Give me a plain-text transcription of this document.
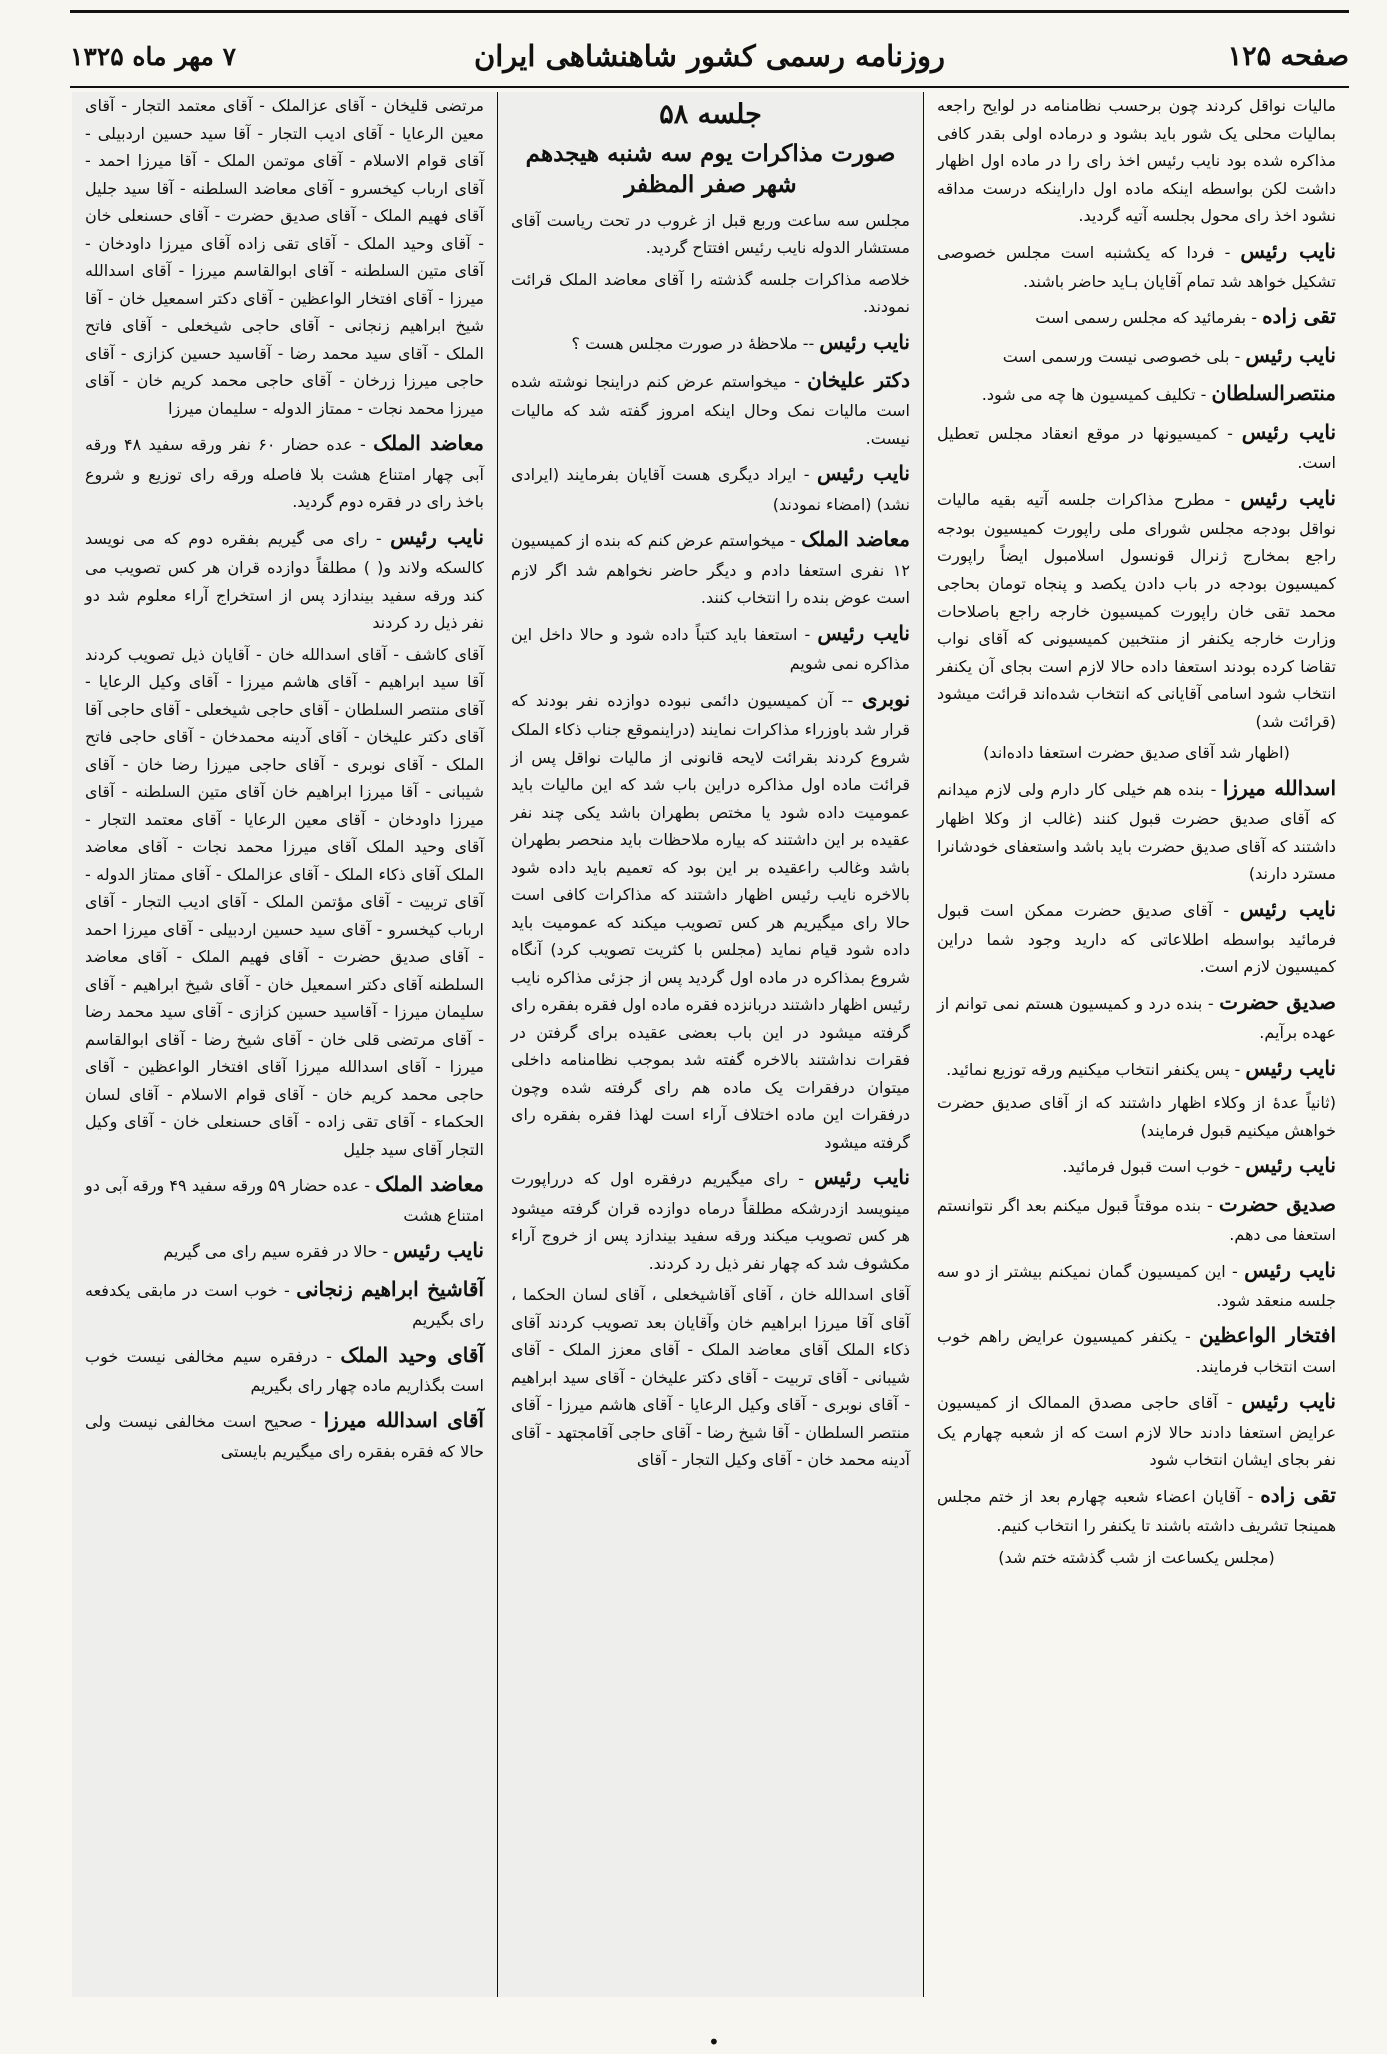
صفحه ۱۲۵
روزنامه رسمی کشور شاهنشاهی ایران
۷ مهر ماه ۱۳۲۵

مالیات نواقل کردند چون برحسب نظامنامه در لوایح راجعه بمالیات محلی یک شور باید بشود و درماده اولی بقدر کافی مذاکره شده بود نایب رئیس اخذ رای را در ماده اول اظهار داشت لکن بواسطه اینکه ماده اول داراینکه درست مداقه نشود اخذ رای محول بجلسه آتیه گردید.

نایب رئیس - فردا که یکشنبه است مجلس خصوصی تشکیل خواهد شد تمام آقایان بـاید حاضر باشند.

تقی زاده - بفرمائید که مجلس رسمی است

نایب رئیس - بلی خصوصی نیست ورسمی است

منتصرالسلطان - تکلیف کمیسیون ها چه می شود.

نایب رئیس - کمیسیونها در موقع انعقاد مجلس تعطیل است.

نایب رئیس - مطرح مذاکرات جلسه آتیه بقیه مالیات نواقل بودجه مجلس شورای ملی راپورت کمیسیون بودجه راجع بمخارج ژنرال قونسول اسلامبول ایضاً راپورت کمیسیون بودجه در باب دادن یکصد و پنجاه تومان بحاجی محمد تقی خان راپورت کمیسیون خارجه راجع باصلاحات وزارت خارجه یکنفر از منتخبین کمیسیونی که آقای نواب تقاضا کرده بودند استعفا داده حالا لازم است بجای آن یکنفر انتخاب شود اسامی آقایانی که انتخاب شده‌اند قرائت میشود (قرائت شد)

(اظهار شد آقای صدیق حضرت استعفا داده‌اند)

اسدالله میرزا - بنده هم خیلی کار دارم ولی لازم میدانم که آقای صدیق حضرت قبول کنند (غالب از وکلا اظهار داشتند که آقای صدیق حضرت باید باشد واستعفای خودشانرا مسترد دارند)

نایب رئیس - آقای صدیق حضرت ممکن است قبول فرمائید بواسطه اطلاعاتی که دارید وجود شما دراین کمیسیون لازم است.

صدیق حضرت - بنده درد و کمیسیون هستم نمی توانم از عهده برآیم.

نایب رئیس - پس یکنفر انتخاب میکنیم ورقه توزیع نمائید.

(ثانیاً عدهٔ از وکلاء اظهار داشتند که از آقای صدیق حضرت خواهش میکنیم قبول فرمایند)

نایب رئیس - خوب است قبول فرمائید.

صدیق حضرت - بنده موقتاً قبول میکنم بعد اگر نتوانستم استعفا می دهم.

نایب رئیس - این کمیسیون گمان نمیکنم بیشتر از دو سه جلسه منعقد شود.

افتخار الواعظین - یکنفر کمیسیون عرایض راهم خوب است انتخاب فرمایند.

نایب رئیس - آقای حاجی مصدق الممالک از کمیسیون عرایض استعفا دادند حالا لازم است که از شعبه چهارم یک نفر بجای ایشان انتخاب شود

تقی زاده - آقایان اعضاء شعبه چهارم بعد از ختم مجلس همینجا تشریف داشته باشند تا یکنفر را انتخاب کنیم.

(مجلس یکساعت از شب گذشته ختم شد)

جلسه ۵۸
صورت مذاکرات یوم سه شنبه هیجدهم شهر صفر المظفر

مجلس سه ساعت وربع قبل از غروب در تحت ریاست آقای مستشار الدوله نایب رئیس افتتاح گردید.

خلاصه مذاکرات جلسه گذشته را آقای معاضد الملک قرائت نمودند.

نایب رئیس -- ملاحظهٔ در صورت مجلس هست ؟

دکتر علیخان - میخواستم عرض کنم دراینجا نوشته شده است مالیات نمک وحال اینکه امروز گفته شد که مالیات نیست.

نایب رئیس - ایراد دیگری هست آقایان بفرمایند (ایرادی نشد) (امضاء نمودند)

معاضد الملک - میخواستم عرض کنم که بنده از کمیسیون ۱۲ نفری استعفا دادم و دیگر حاضر نخواهم شد اگر لازم است عوض بنده را انتخاب کنند.

نایب رئیس - استعفا باید کتباً داده شود و حالا داخل این مذاکره نمی شویم

نوبری -- آن کمیسیون دائمی نبوده دوازده نفر بودند که قرار شد باوزراء مذاکرات نمایند (دراینموقع جناب ذکاء الملک شروع کردند بقرائت لایحه قانونی از مالیات نواقل پس از قرائت ماده اول مذاکره دراین باب شد که این مالیات باید عمومیت داده شود یا مختص بطهران باشد یکی چند نفر عقیده بر این داشتند که بیاره ملاحظات باید منحصر بطهران باشد وغالب راعقیده بر این بود که تعمیم باید داده شود بالاخره نایب رئیس اظهار داشتند که مذاکرات کافی است حالا رای میگیریم هر کس تصویب میکند که عمومیت باید داده شود قیام نماید (مجلس با کثریت تصویب کرد) آنگاه شروع بمذاکره در ماده اول گردید پس از جزئی مذاکره نایب رئیس اظهار داشتند دربانزده فقره ماده اول فقره بفقره رای گرفته میشود در این باب بعضی عقیده برای گرفتن در فقرات نداشتند بالاخره گفته شد بموجب نظامنامه داخلی میتوان درفقرات یک ماده هم رای گرفته شده وچون درفقرات این ماده اختلاف آراء است لهذا فقره بفقره رای گرفته میشود

نایب رئیس - رای میگیریم درفقره اول که درراپورت مینویسد ازدرشکه مطلقاً درماه دوازده قران گرفته میشود هر کس تصویب میکند ورقه سفید بیندازد پس از خروج آراء مکشوف شد که چهار نفر ذیل رد کردند.

آقای اسدالله خان ، آقای آقاشیخعلی ، آقای لسان الحکما ، آقای آقا میرزا ابراهیم خان وآقایان بعد تصویب کردند آقای ذکاء الملک آقای معاضد الملک - آقای معزز الملک - آقای شیبانی - آقای تربیت - آقای دکتر علیخان - آقای سید ابراهیم - آقای نوبری - آقای وکیل الرعایا - آقای هاشم میرزا - آقای منتصر السلطان - آقا شیخ رضا - آقای حاجی آقامجتهد - آقای آدینه محمد خان - آقای وکیل التجار - آقای

مرتضی قلیخان - آقای عزالملک - آقای معتمد التجار - آقای معین الرعایا - آقای ادیب التجار - آقا سید حسین اردبیلی - آقای قوام الاسلام - آقای موتمن الملک - آقا میرزا احمد - آقای ارباب کیخسرو - آقای معاضد السلطنه - آقا سید جلیل آقای فهیم الملک - آقای صدیق حضرت - آقای حسنعلی خان - آقای وحید الملک - آقای تقی زاده آقای میرزا داودخان - آقای متین السلطنه - آقای ابوالقاسم میرزا - آقای اسدالله میرزا - آقای افتخار الواعظین - آقای دکتر اسمعیل خان - آقا شیخ ابراهیم زنجانی - آقای حاجی شیخعلی - آقای فاتح الملک - آقای سید محمد رضا - آقاسید حسین کزازی - آقای حاجی میرزا زرخان - آقای حاجی محمد کریم خان - آقای میرزا محمد نجات - ممتاز الدوله - سلیمان میرزا

معاضد الملک - عده حضار ۶۰ نفر ورقه سفید ۴۸ ورقه آبی چهار امتناع هشت بلا فاصله ورقه رای توزیع و شروع باخذ رای در فقره دوم گردید.

نایب رئیس - رای می گیریم بفقره دوم که می نویسد کالسکه ولاند و( ) مطلقاً دوازده قران هر کس تصویب می کند ورقه سفید بیندازد پس از استخراج آراء معلوم شد دو نفر ذیل رد کردند

آقای کاشف - آقای اسدالله خان - آقایان ذیل تصویب کردند آقا سید ابراهیم - آقای هاشم میرزا - آقای وکیل الرعایا - آقای منتصر السلطان - آقای حاجی شیخعلی - آقای حاجی آقا آقای دکتر علیخان - آقای آدینه محمدخان - آقای حاجی فاتح الملک - آقای نوبری - آقای حاجی میرزا رضا خان - آقای شیبانی - آقا میرزا ابراهیم خان آقای متین السلطنه - آقای میرزا داودخان - آقای معین الرعایا - آقای معتمد التجار - آقای وحید الملک آقای میرزا محمد نجات - آقای معاضد الملک آقای ذکاء الملک - آقای عزالملک - آقای ممتاز الدوله - آقای تربیت - آقای مؤتمن الملک - آقای ادیب التجار - آقای ارباب کیخسرو - آقای سید حسین اردبیلی - آقای میرزا احمد - آقای صدیق حضرت - آقای فهیم الملک - آقای معاضد السلطنه آقای دکتر اسمعیل خان - آقای شیخ ابراهیم - آقای سلیمان میرزا - آقاسید حسین کزازی - آقای سید محمد رضا - آقای مرتضی قلی خان - آقای شیخ رضا - آقای ابوالقاسم میرزا - آقای اسدالله میرزا آقای افتخار الواعظین - آقای حاجی محمد کریم خان - آقای قوام الاسلام - آقای لسان الحکماء - آقای تقی زاده - آقای حسنعلی خان - آقای وکیل التجار آقای سید جلیل

معاضد الملک - عده حضار ۵۹ ورقه سفید ۴۹ ورقه آبی دو امتناع هشت

نایب رئیس - حالا در فقره سیم رای می گیریم

آقاشیخ ابراهیم زنجانی - خوب است در مابقی یکدفعه رای بگیریم

آقای وحید الملک - درفقره سیم مخالفی نیست خوب است بگذاریم ماده چهار رای بگیریم

آقای اسدالله میرزا - صحیح است مخالفی نیست ولی حالا که فقره بفقره رای میگیریم بایستی

•
